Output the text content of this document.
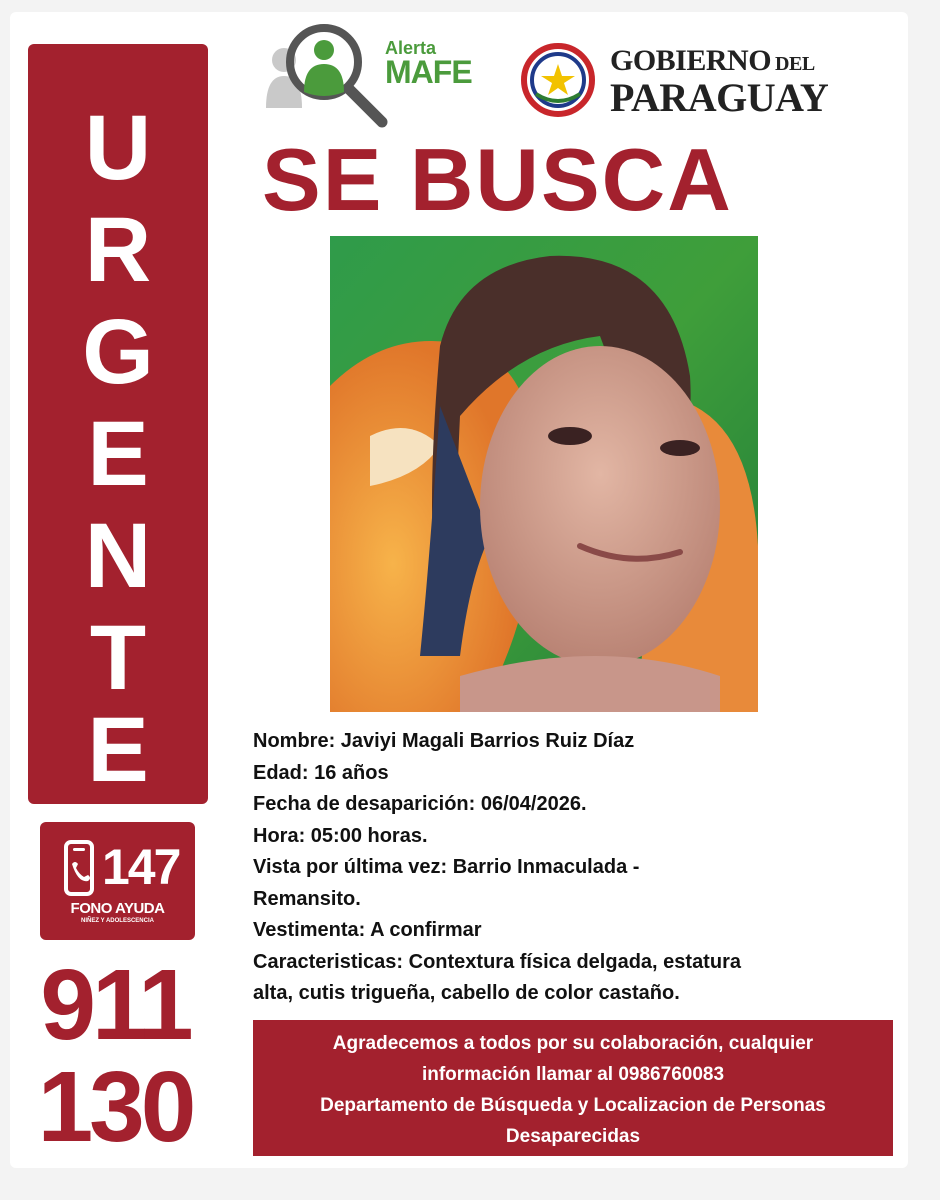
U
R
G
E
N
T
E
147
FONO AYUDA
NIÑEZ Y ADOLESCENCIA
911
130
Alerta
MAFE	GOBIERNO DEL
PARAGUAY
SE BUSCA
Nombre: Javiyi Magali Barrios Ruiz Díaz
Edad: 16 años
Fecha de desaparición: 06/04/2026.
Hora: 05:00 horas.
Vista por última vez: Barrio Inmaculada -
Remansito.
Vestimenta: A confirmar
Caracteristicas: Contextura física delgada, estatura
alta, cutis trigueña, cabello de color castaño.
Agradecemos a todos por su colaboración, cualquier
información llamar al 0986760083
Departamento de Búsqueda y Localizacion de Personas
Desaparecidas
